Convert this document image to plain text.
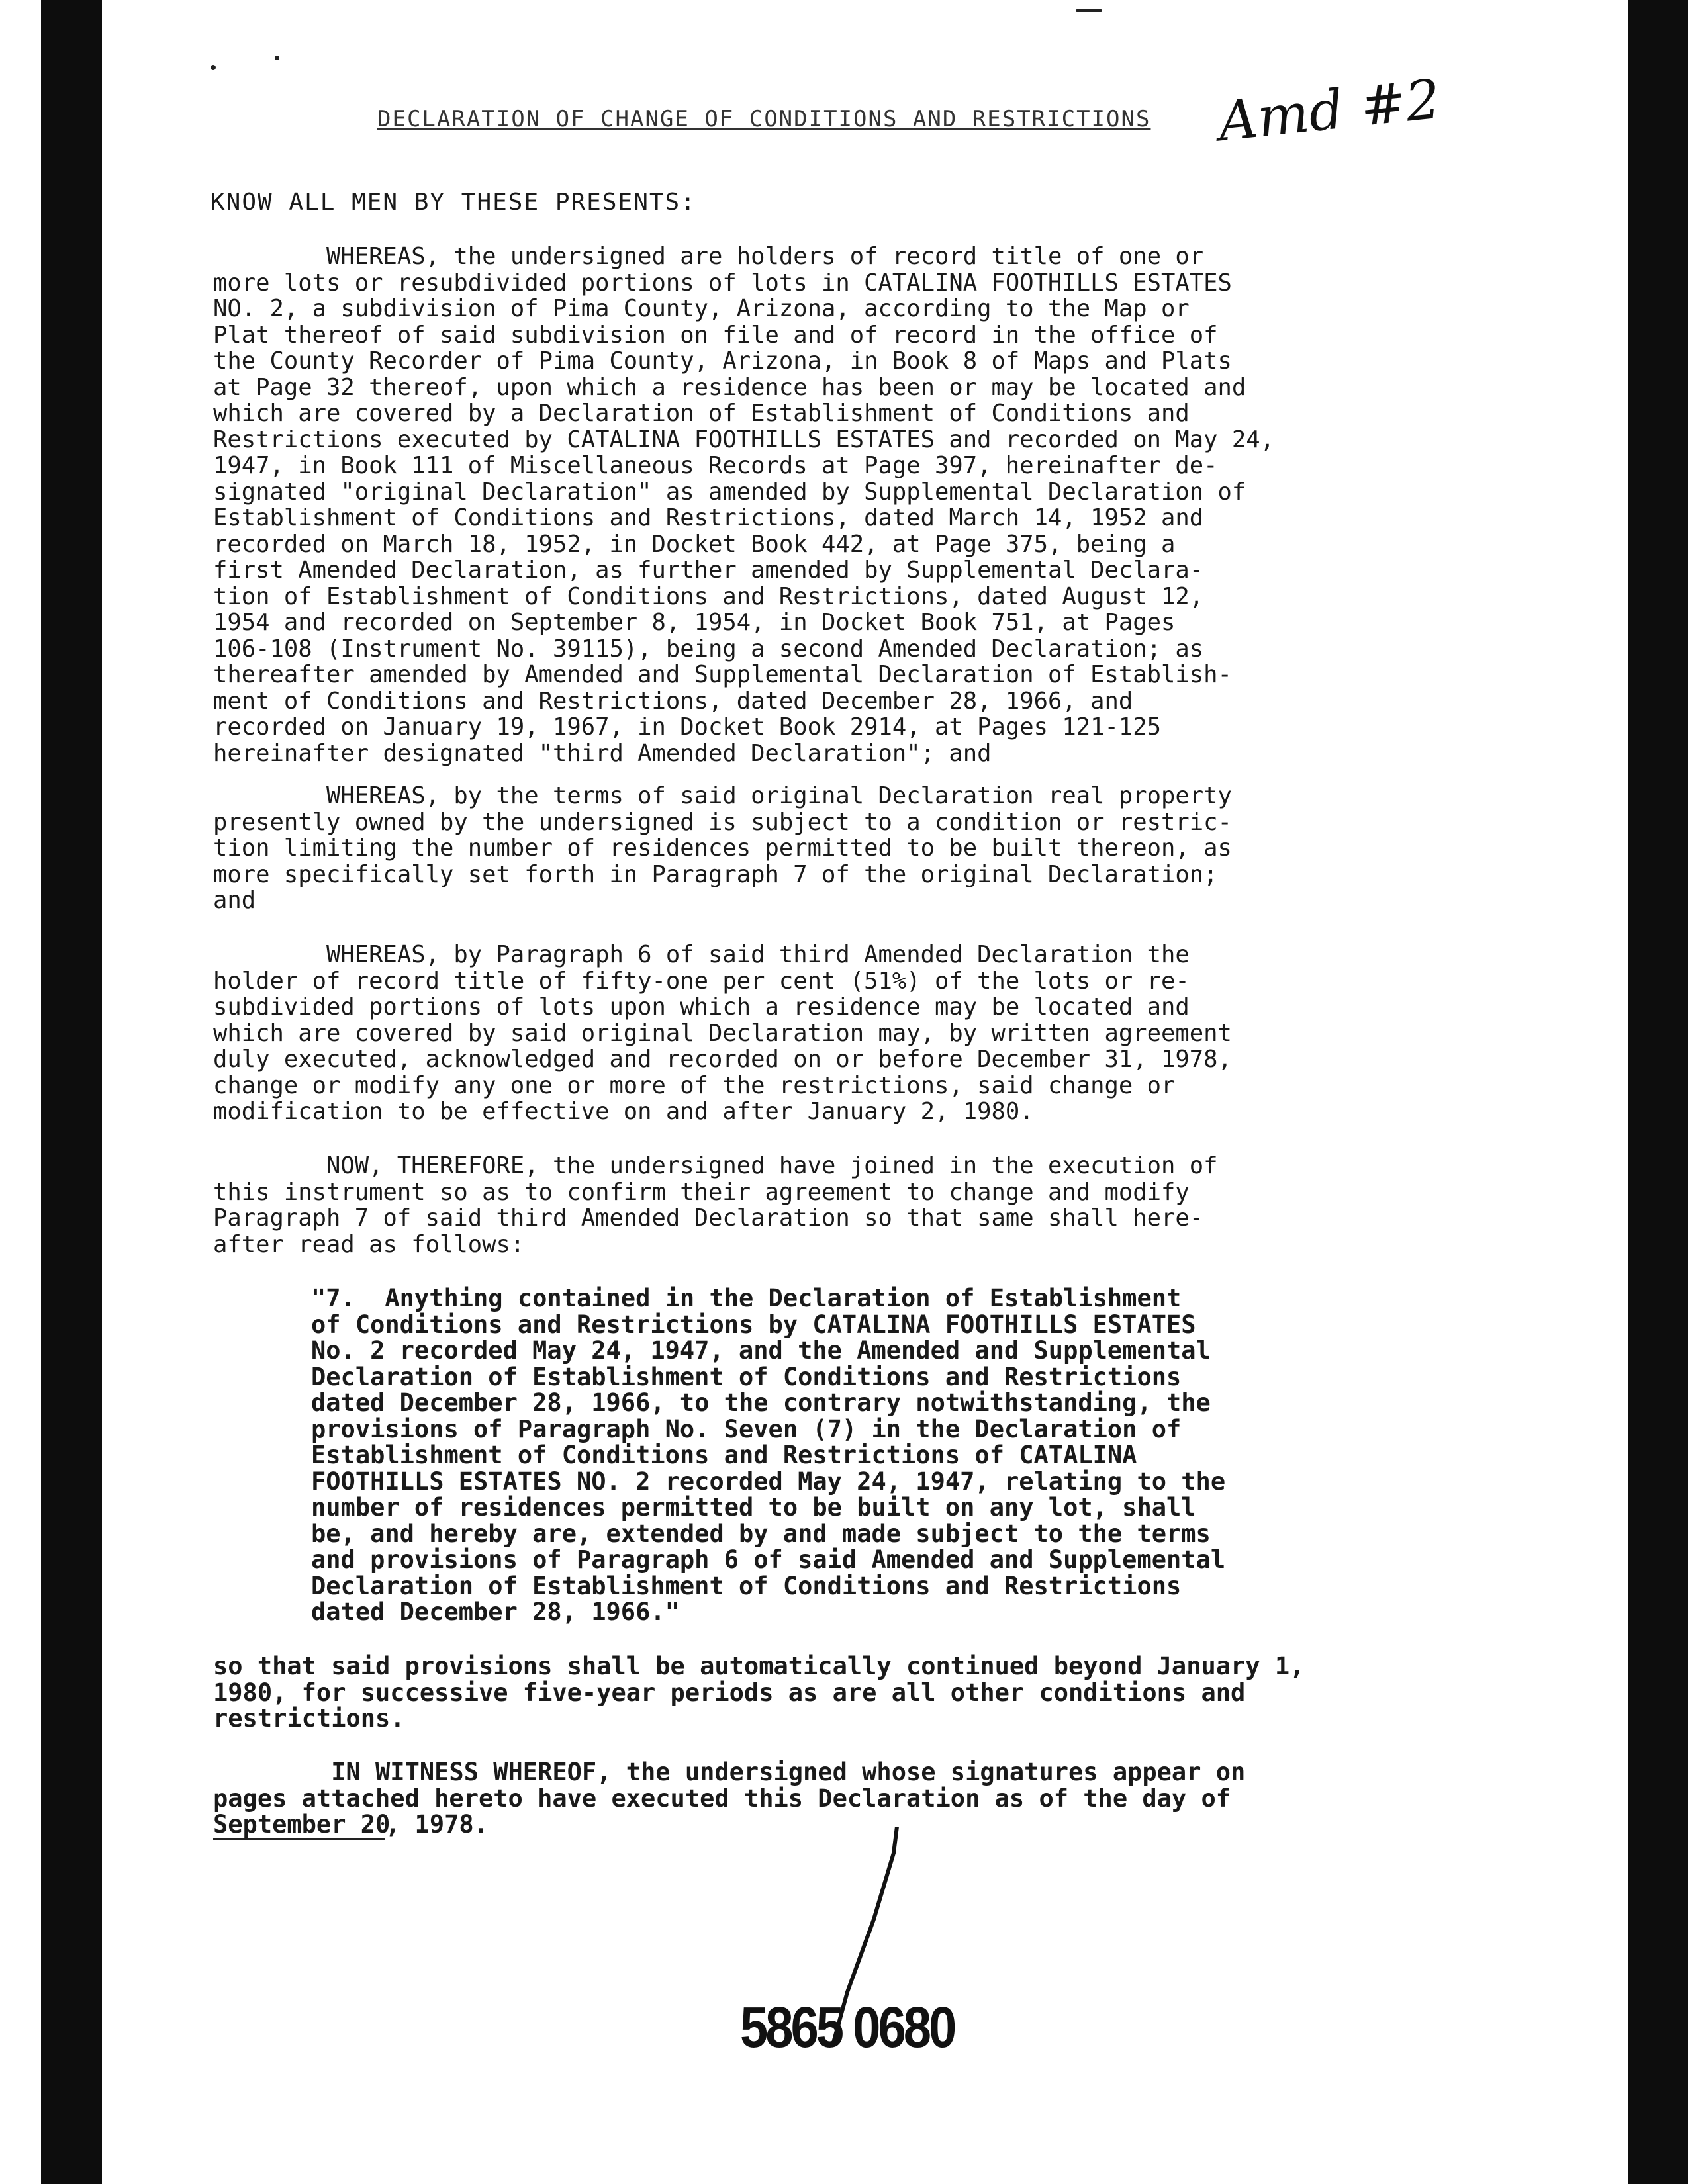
DECLARATION OF CHANGE OF CONDITIONS AND RESTRICTIONS Amd #2
KNOW ALL MEN BY THESE PRESENTS:
WHEREAS, the undersigned are holders of record title of one or
more lots or resubdivided portions of lots in CATALINA FOOTHILLS ESTATES
NO. 2, a subdivision of Pima County, Arizona, according to the Map or
Plat thereof of said subdivision on file and of record in the office of
the County Recorder of Pima County, Arizona, in Book 8 of Maps and Plats
at Page 32 thereof, upon which a residence has been or may be located and
which are covered by a Declaration of Establishment of Conditions and
Restrictions executed by CATALINA FOOTHILLS ESTATES and recorded on May 24,
1947, in Book 111 of Miscellaneous Records at Page 397, hereinafter de-
signated "original Declaration" as amended by Supplemental Declaration of
Establishment of Conditions and Restrictions, dated March 14, 1952 and
recorded on March 18, 1952, in Docket Book 442, at Page 375, being a
first Amended Declaration, as further amended by Supplemental Declara-
tion of Establishment of Conditions and Restrictions, dated August 12,
1954 and recorded on September 8, 1954, in Docket Book 751, at Pages
106-108 (Instrument No. 39115), being a second Amended Declaration; as
thereafter amended by Amended and Supplemental Declaration of Establish-
ment of Conditions and Restrictions, dated December 28, 1966, and
recorded on January 19, 1967, in Docket Book 2914, at Pages 121-125
hereinafter designated "third Amended Declaration"; and
WHEREAS, by the terms of said original Declaration real property
presently owned by the undersigned is subject to a condition or restric-
tion limiting the number of residences permitted to be built thereon, as
more specifically set forth in Paragraph 7 of the original Declaration;
and
WHEREAS, by Paragraph 6 of said third Amended Declaration the
holder of record title of fifty-one per cent (51%) of the lots or re-
subdivided portions of lots upon which a residence may be located and
which are covered by said original Declaration may, by written agreement
duly executed, acknowledged and recorded on or before December 31, 1978,
change or modify any one or more of the restrictions, said change or
modification to be effective on and after January 2, 1980.
NOW, THEREFORE, the undersigned have joined in the execution of
this instrument so as to confirm their agreement to change and modify
Paragraph 7 of said third Amended Declaration so that same shall here-
after read as follows:
"7.  Anything contained in the Declaration of Establishment
of Conditions and Restrictions by CATALINA FOOTHILLS ESTATES
No. 2 recorded May 24, 1947, and the Amended and Supplemental
Declaration of Establishment of Conditions and Restrictions
dated December 28, 1966, to the contrary notwithstanding, the
provisions of Paragraph No. Seven (7) in the Declaration of
Establishment of Conditions and Restrictions of CATALINA
FOOTHILLS ESTATES NO. 2 recorded May 24, 1947, relating to the
number of residences permitted to be built on any lot, shall
be, and hereby are, extended by and made subject to the terms
and provisions of Paragraph 6 of said Amended and Supplemental
Declaration of Establishment of Conditions and Restrictions
dated December 28, 1966."
so that said provisions shall be automatically continued beyond January 1,
1980, for successive five-year periods as are all other conditions and
restrictions.
IN WITNESS WHEREOF, the undersigned whose signatures appear on
pages attached hereto have executed this Declaration as of the day of
September 20, 1978.
5865 0680
